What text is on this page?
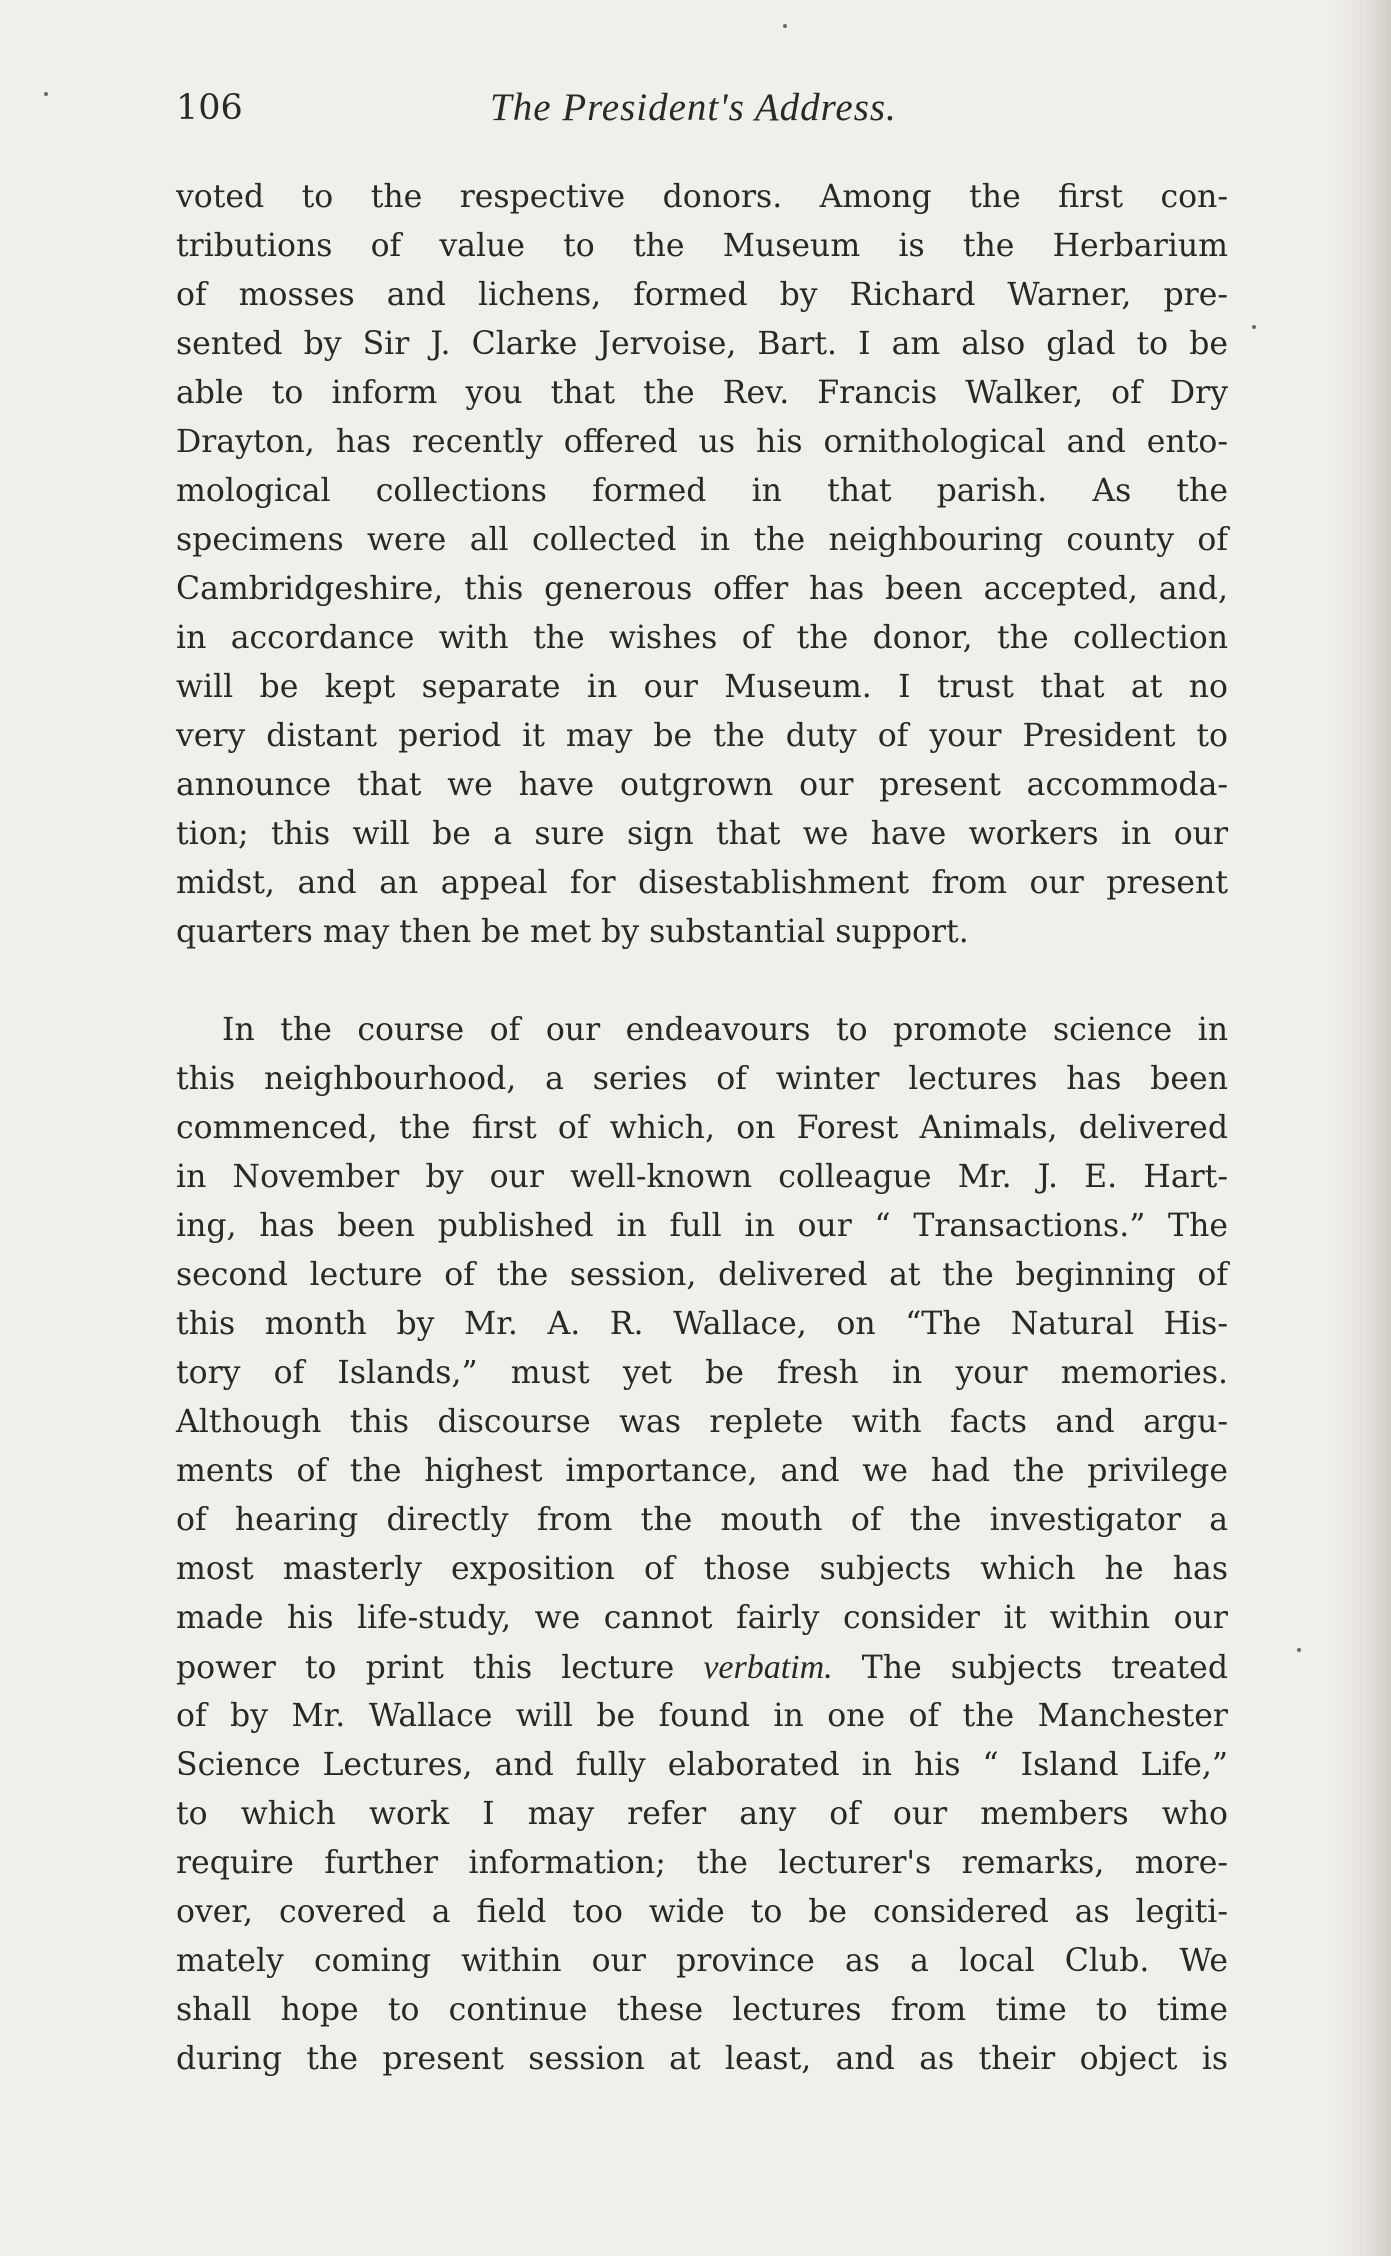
106	The President's Address.
voted to the respective donors. Among the first con-
tributions of value to the Museum is the Herbarium
of mosses and lichens, formed by Richard Warner, pre-
sented by Sir J. Clarke Jervoise, Bart. I am also glad to be
able to inform you that the Rev. Francis Walker, of Dry
Drayton, has recently offered us his ornithological and ento-
mological collections formed in that parish. As the
specimens were all collected in the neighbouring county of
Cambridgeshire, this generous offer has been accepted, and,
in accordance with the wishes of the donor, the collection
will be kept separate in our Museum. I trust that at no
very distant period it may be the duty of your President to
announce that we have outgrown our present accommoda-
tion; this will be a sure sign that we have workers in our
midst, and an appeal for disestablishment from our present
quarters may then be met by substantial support.
In the course of our endeavours to promote science in
this neighbourhood, a series of winter lectures has been
commenced, the first of which, on Forest Animals, delivered
in November by our well-known colleague Mr. J. E. Hart-
ing, has been published in full in our “ Transactions.” The
second lecture of the session, delivered at the beginning of
this month by Mr. A. R. Wallace, on “The Natural His-
tory of Islands,” must yet be fresh in your memories.
Although this discourse was replete with facts and argu-
ments of the highest importance, and we had the privilege
of hearing directly from the mouth of the investigator a
most masterly exposition of those subjects which he has
made his life-study, we cannot fairly consider it within our
power to print this lecture verbatim. The subjects treated
of by Mr. Wallace will be found in one of the Manchester
Science Lectures, and fully elaborated in his “ Island Life,”
to which work I may refer any of our members who
require further information; the lecturer's remarks, more-
over, covered a field too wide to be considered as legiti-
mately coming within our province as a local Club. We
shall hope to continue these lectures from time to time
during the present session at least, and as their object is
